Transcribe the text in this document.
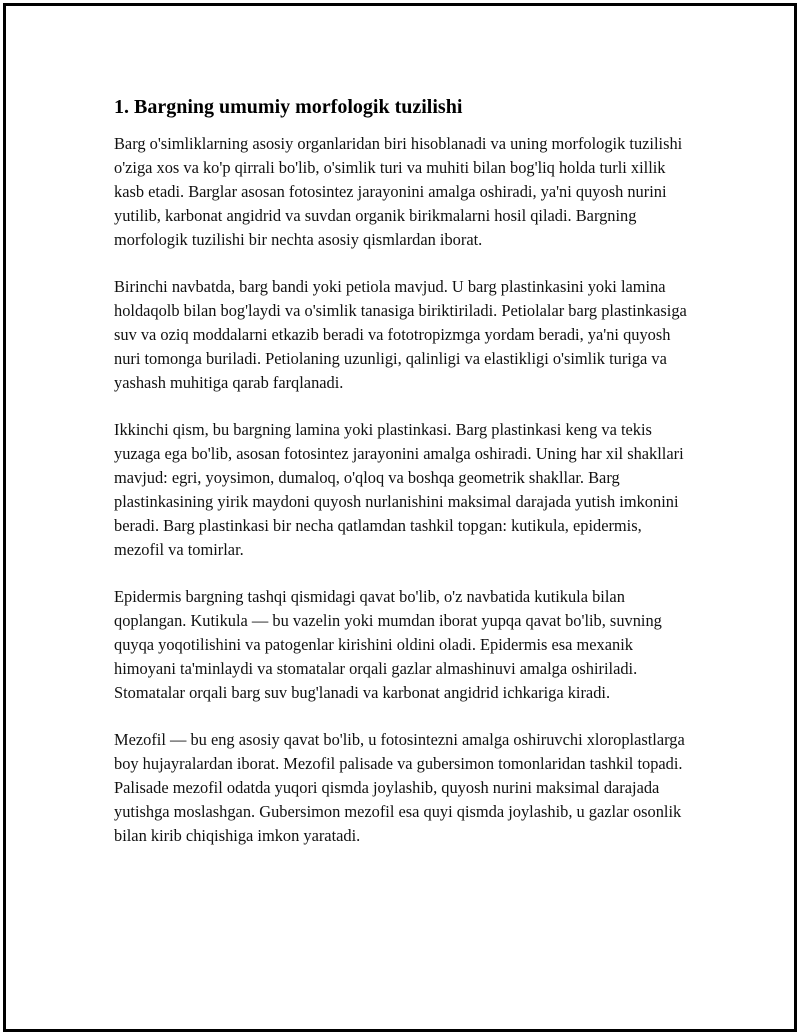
1. Bargning umumiy morfologik tuzilishi

Barg o'simliklarning asosiy organlaridan biri hisoblanadi va uning morfologik tuzilishi o'ziga xos va ko'p qirrali bo'lib, o'simlik turi va muhiti bilan bog'liq holda turli xillik kasb etadi. Barglar asosan fotosintez jarayonini amalga oshiradi, ya'ni quyosh nurini yutilib, karbonat angidrid va suvdan organik birikmalarni hosil qiladi. Bargning morfologik tuzilishi bir nechta asosiy qismlardan iborat.

Birinchi navbatda, barg bandi yoki petiola mavjud. U barg plastinkasini yoki lamina holdaqolb bilan bog'laydi va o'simlik tanasiga biriktiriladi. Petiolalar barg plastinkasiga suv va oziq moddalarni etkazib beradi va fototropizmga yordam beradi, ya'ni quyosh nuri tomonga buriladi. Petiolaning uzunligi, qalinligi va elastikligi o'simlik turiga va yashash muhitiga qarab farqlanadi.

Ikkinchi qism, bu bargning lamina yoki plastinkasi. Barg plastinkasi keng va tekis yuzaga ega bo'lib, asosan fotosintez jarayonini amalga oshiradi. Uning har xil shakllari mavjud: egri, yoysimon, dumaloq, o'qloq va boshqa geometrik shakllar. Barg plastinkasining yirik maydoni quyosh nurlanishini maksimal darajada yutish imkonini beradi. Barg plastinkasi bir necha qatlamdan tashkil topgan: kutikula, epidermis, mezofil va tomirlar.

Epidermis bargning tashqi qismidagi qavat bo'lib, o'z navbatida kutikula bilan qoplangan. Kutikula — bu vazelin yoki mumdan iborat yupqa qavat bo'lib, suvning quyqa yoqotilishini va patogenlar kirishini oldini oladi. Epidermis esa mexanik himoyani ta'minlaydi va stomatalar orqali gazlar almashinuvi amalga oshiriladi. Stomatalar orqali barg suv bug'lanadi va karbonat angidrid ichkariga kiradi.

Mezofil — bu eng asosiy qavat bo'lib, u fotosintezni amalga oshiruvchi xloroplastlarga boy hujayralardan iborat. Mezofil palisade va gubersimon tomonlaridan tashkil topadi. Palisade mezofil odatda yuqori qismda joylashib, quyosh nurini maksimal darajada yutishga moslashgan. Gubersimon mezofil esa quyi qismda joylashib, u gazlar osonlik bilan kirib chiqishiga imkon yaratadi.
